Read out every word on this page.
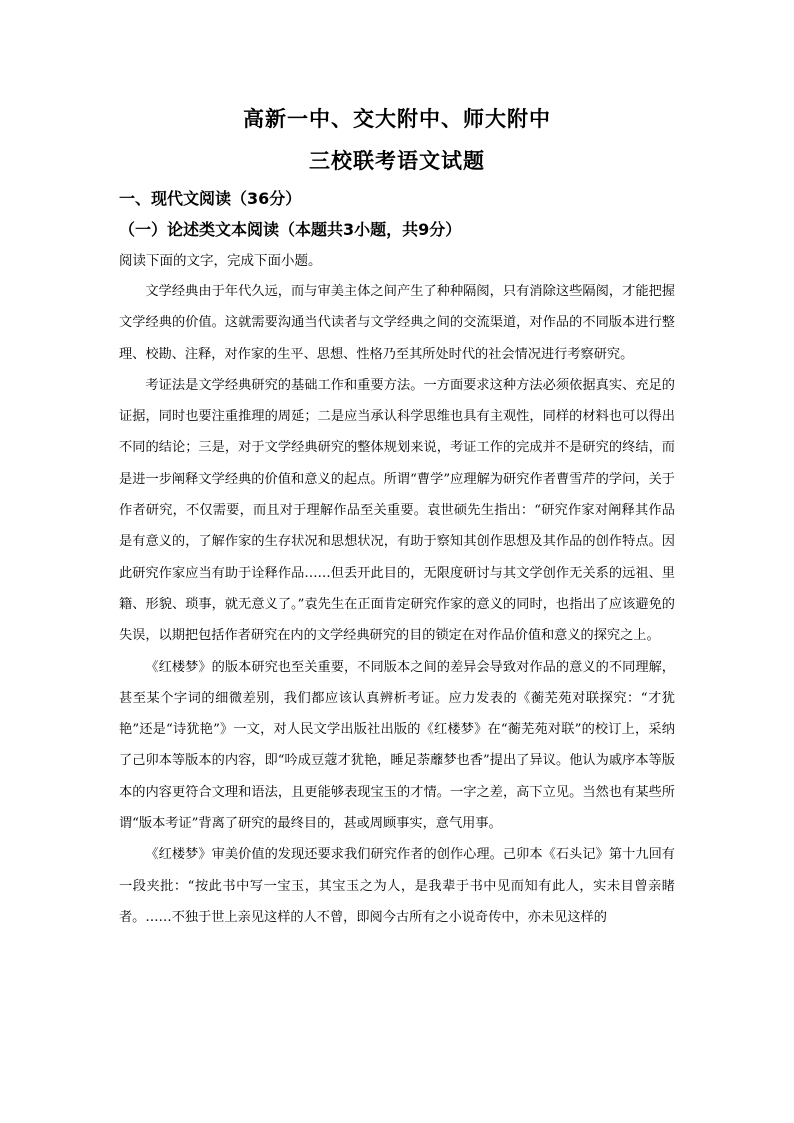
高新一中、交大附中、师大附中
三校联考语文试题
一、现代文阅读（36分）
（一）论述类文本阅读（本题共3小题，共9分）
阅读下面的文字，完成下面小题。

文学经典由于年代久远，而与审美主体之间产生了种种隔阂，只有消除这些隔阂，才能把握文学经典的价值。这就需要沟通当代读者与文学经典之间的交流渠道，对作品的不同版本进行整理、校勘、注释，对作家的生平、思想、性格乃至其所处时代的社会情况进行考察研究。

考证法是文学经典研究的基础工作和重要方法。一方面要求这种方法必须依据真实、充足的证据，同时也要注重推理的周延；二是应当承认科学思维也具有主观性，同样的材料也可以得出不同的结论；三是，对于文学经典研究的整体规划来说，考证工作的完成并不是研究的终结，而是进一步阐释文学经典的价值和意义的起点。所谓“曹学”应理解为研究作者曹雪芹的学问，关于作者研究，不仅需要，而且对于理解作品至关重要。袁世硕先生指出：“研究作家对阐释其作品是有意义的，了解作家的生存状况和思想状况，有助于察知其创作思想及其作品的创作特点。因此研究作家应当有助于诠释作品……但丢开此目的，无限度研讨与其文学创作无关系的远祖、里籍、形貌、琐事，就无意义了。”袁先生在正面肯定研究作家的意义的同时，也指出了应该避免的失误，以期把包括作者研究在内的文学经典研究的目的锁定在对作品价值和意义的探究之上。

《红楼梦》的版本研究也至关重要，不同版本之间的差异会导致对作品的意义的不同理解，甚至某个字词的细微差别，我们都应该认真辨析考证。应力发表的《蘅芜苑对联探究：“才犹艳”还是“诗犹艳”》一文，对人民文学出版社出版的《红楼梦》在“蘅芜苑对联”的校订上，采纳了己卯本等版本的内容，即“吟成豆蔻才犹艳，睡足荼蘼梦也香”提出了异议。他认为戚序本等版本的内容更符合文理和语法，且更能够表现宝玉的才情。一字之差，高下立见。当然也有某些所谓“版本考证”背离了研究的最终目的，甚或周顾事实，意气用事。

《红楼梦》审美价值的发现还要求我们研究作者的创作心理。己卯本《石头记》第十九回有一段夹批：“按此书中写一宝玉，其宝玉之为人，是我辈于书中见而知有此人，实未目曾亲睹者。……不独于世上亲见这样的人不曾，即阅今古所有之小说奇传中，亦未见这样的
